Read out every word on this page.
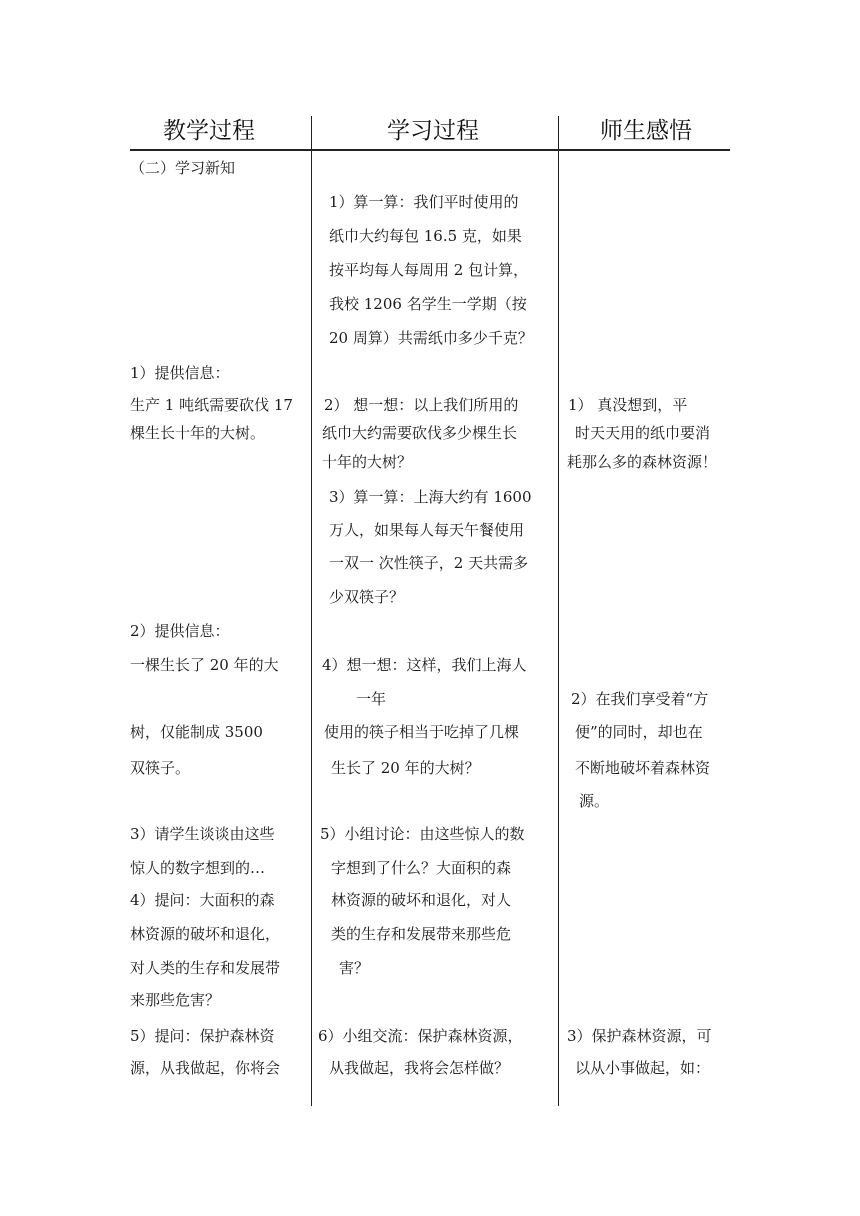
教学过程	学习过程	师生感悟
（二）学习新知
1）提供信息：
生产 1 吨纸需要砍伐 17
棵生长十年的大树。
2）提供信息：
一棵生长了 20 年的大
树，仅能制成 3500
双筷子。
3）请学生谈谈由这些
惊人的数字想到的…
4）提问：大面积的森
林资源的破坏和退化，
对人类的生存和发展带
来那些危害？
5）提问：保护森林资
源，从我做起，你将会
1）算一算：我们平时使用的
纸巾大约每包 16.5 克，如果
按平均每人每周用 2 包计算，
我校 1206 名学生一学期（按
20 周算）共需纸巾多少千克？
2） 想一想：以上我们所用的
纸巾大约需要砍伐多少棵生长
十年的大树？
3）算一算：上海大约有 1600
万人，如果每人每天午餐使用
一双一 次性筷子，2 天共需多
少双筷子？
4）想一想：这样，我们上海人
一年
使用的筷子相当于吃掉了几棵
生长了 20 年的大树？
5）小组讨论：由这些惊人的数
字想到了什么？大面积的森
林资源的破坏和退化，对人
类的生存和发展带来那些危
害？
6）小组交流：保护森林资源，
从我做起，我将会怎样做？
1） 真没想到，平
时天天用的纸巾要消
耗那么多的森林资源！
2）在我们享受着“方
便”的同时，却也在
不断地破坏着森林资
源。
3）保护森林资源，可
以从小事做起，如：
